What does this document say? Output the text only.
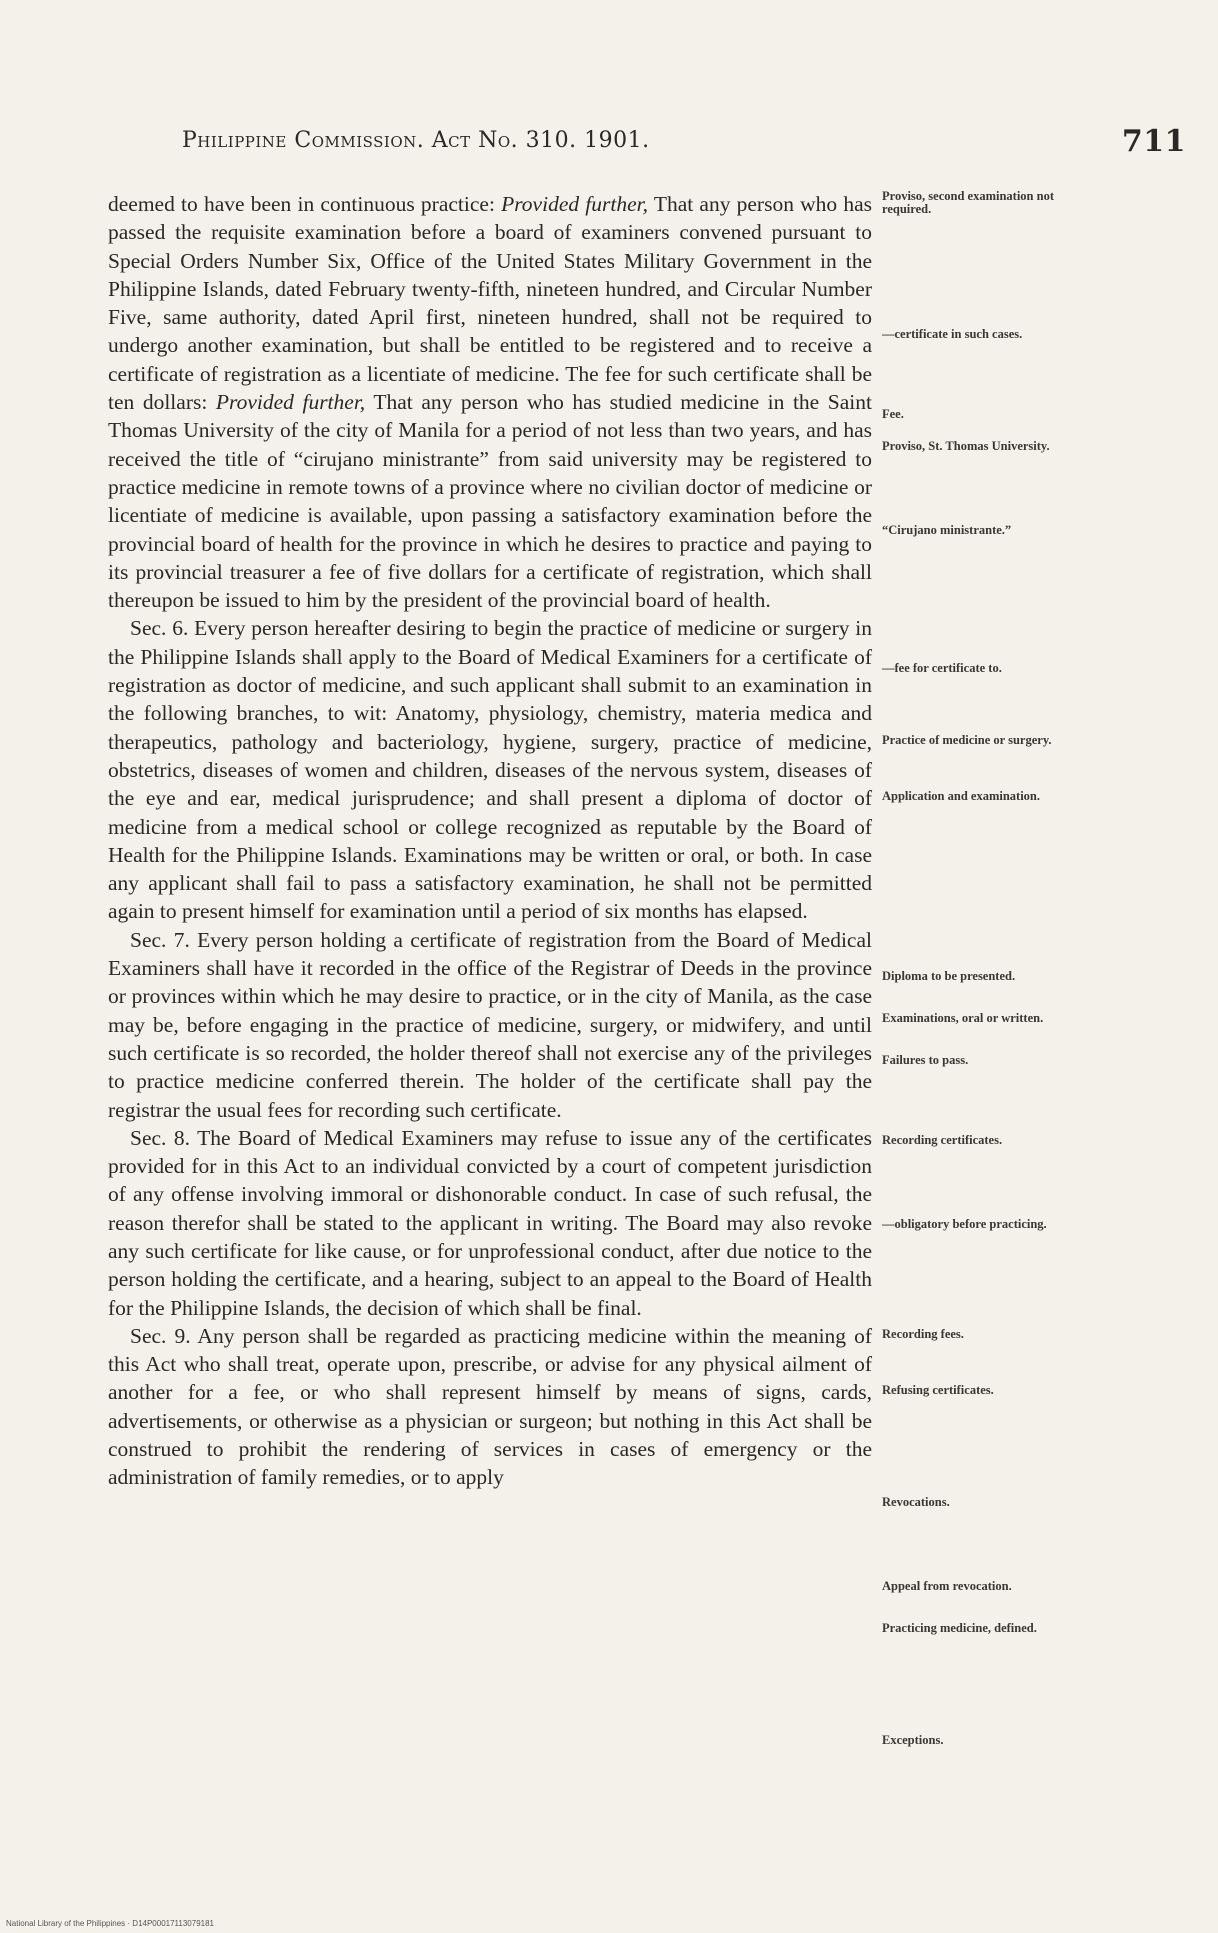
Philippine Commission. Act No. 310. 1901.	711

deemed to have been in continuous practice: Provided further, That any person who has passed the requisite examination before a board of examiners convened pursuant to Special Orders Number Six, Office of the United States Military Government in the Philippine Islands, dated February twenty-fifth, nineteen hundred, and Circular Number Five, same authority, dated April first, nineteen hundred, shall not be required to undergo another examination, but shall be entitled to be registered and to receive a certificate of registration as a licentiate of medicine. The fee for such certificate shall be ten dollars: Provided further, That any person who has studied medicine in the Saint Thomas University of the city of Manila for a period of not less than two years, and has received the title of “cirujano ministrante” from said university may be registered to practice medicine in remote towns of a province where no civilian doctor of medicine or licentiate of medicine is available, upon passing a satisfactory examination before the provincial board of health for the province in which he desires to practice and paying to its provincial treasurer a fee of five dollars for a certificate of registration, which shall thereupon be issued to him by the president of the provincial board of health.

Sec. 6. Every person hereafter desiring to begin the practice of medicine or surgery in the Philippine Islands shall apply to the Board of Medical Examiners for a certificate of registration as doctor of medicine, and such applicant shall submit to an examination in the following branches, to wit: Anatomy, physiology, chemistry, materia medica and therapeutics, pathology and bacteriology, hygiene, surgery, practice of medicine, obstetrics, diseases of women and children, diseases of the nervous system, diseases of the eye and ear, medical jurisprudence; and shall present a diploma of doctor of medicine from a medical school or college recognized as reputable by the Board of Health for the Philippine Islands. Examinations may be written or oral, or both. In case any applicant shall fail to pass a satisfactory examination, he shall not be permitted again to present himself for examination until a period of six months has elapsed.

Sec. 7. Every person holding a certificate of registration from the Board of Medical Examiners shall have it recorded in the office of the Registrar of Deeds in the province or provinces within which he may desire to practice, or in the city of Manila, as the case may be, before engaging in the practice of medicine, surgery, or midwifery, and until such certificate is so recorded, the holder thereof shall not exercise any of the privileges to practice medicine conferred therein. The holder of the certificate shall pay the registrar the usual fees for recording such certificate.

Sec. 8. The Board of Medical Examiners may refuse to issue any of the certificates provided for in this Act to an individual convicted by a court of competent jurisdiction of any offense involving immoral or dishonorable conduct. In case of such refusal, the reason therefor shall be stated to the applicant in writing. The Board may also revoke any such certificate for like cause, or for unprofessional conduct, after due notice to the person holding the certificate, and a hearing, subject to an appeal to the Board of Health for the Philippine Islands, the decision of which shall be final.

Sec. 9. Any person shall be regarded as practicing medicine within the meaning of this Act who shall treat, operate upon, prescribe, or advise for any physical ailment of another for a fee, or who shall represent himself by means of signs, cards, advertisements, or otherwise as a physician or surgeon; but nothing in this Act shall be construed to prohibit the rendering of services in cases of emergency or the administration of family remedies, or to apply

Proviso, second examination not required.
—certificate in such cases.
Fee.
Proviso, St. Thomas University.
“Cirujano ministrante.”
—fee for certificate to.
Practice of medicine or surgery.
Application and examination.
Diploma to be presented.
Examinations, oral or written.
Failures to pass.
Recording certificates.
—obligatory before practicing.
Recording fees.
Refusing certificates.
Revocations.
Appeal from revocation.
Practicing medicine, defined.
Exceptions.
National Library of the Philippines · D14P00017113079181
